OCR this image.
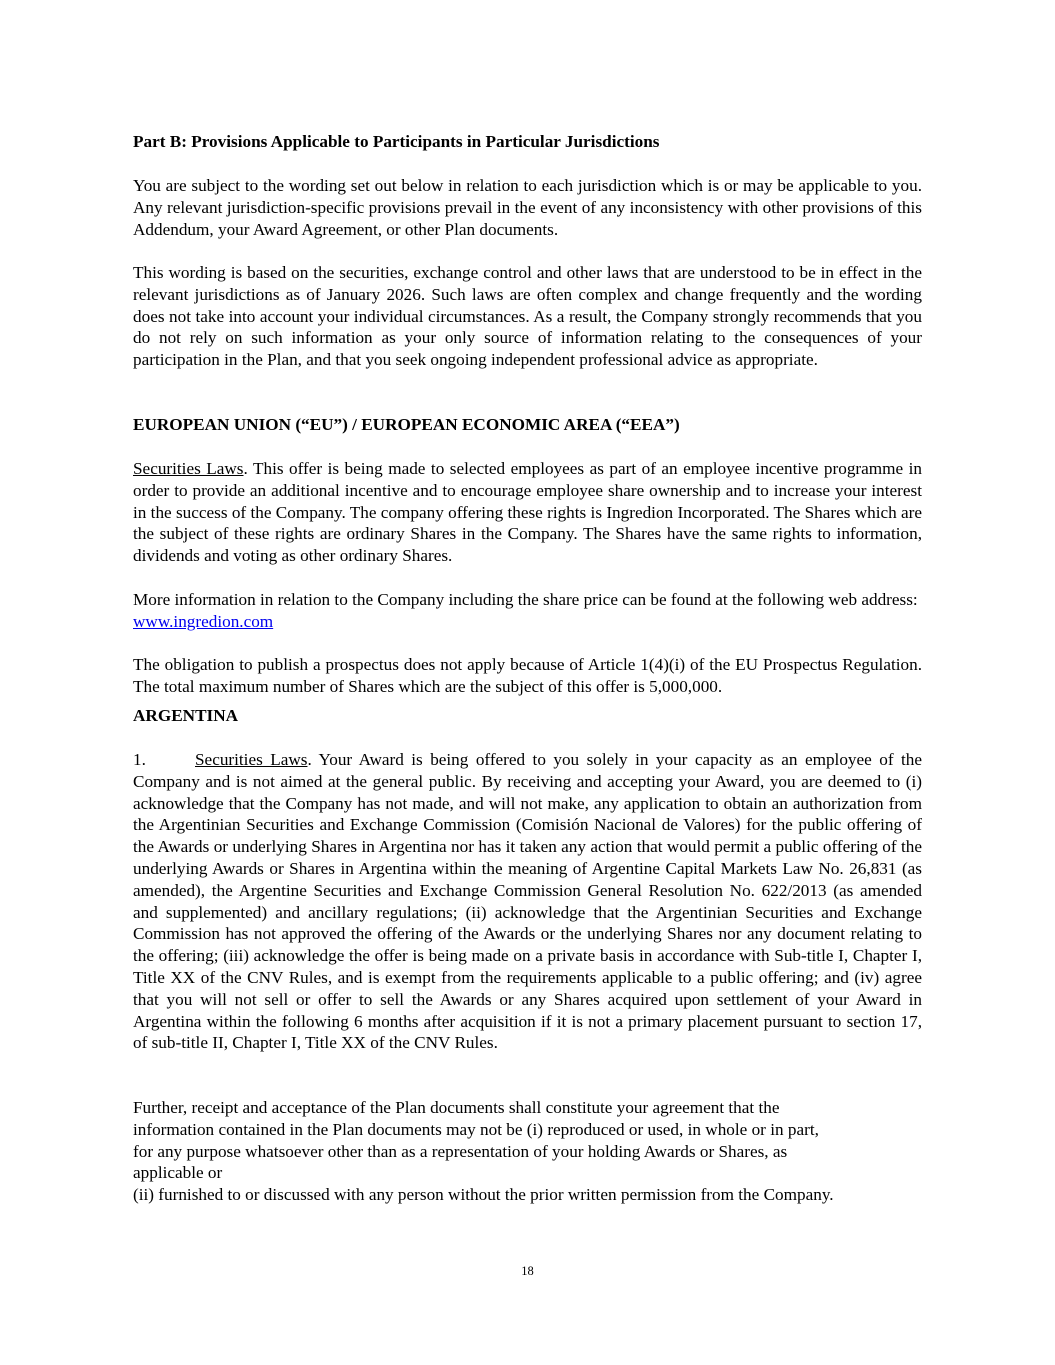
Part B: Provisions Applicable to Participants in Particular Jurisdictions

You are subject to the wording set out below in relation to each jurisdiction which is or may be applicable to you. Any relevant jurisdiction-specific provisions prevail in the event of any inconsistency with other provisions of this Addendum, your Award Agreement, or other Plan documents.

This wording is based on the securities, exchange control and other laws that are understood to be in effect in the relevant jurisdictions as of January 2026. Such laws are often complex and change frequently and the wording does not take into account your individual circumstances. As a result, the Company strongly recommends that you do not rely on such information as your only source of information relating to the consequences of your participation in the Plan, and that you seek ongoing independent professional advice as appropriate.

EUROPEAN UNION (“EU”) / EUROPEAN ECONOMIC AREA (“EEA”)

Securities Laws. This offer is being made to selected employees as part of an employee incentive programme in order to provide an additional incentive and to encourage employee share ownership and to increase your interest in the success of the Company. The company offering these rights is Ingredion Incorporated. The Shares which are the subject of these rights are ordinary Shares in the Company. The Shares have the same rights to information, dividends and voting as other ordinary Shares.

More information in relation to the Company including the share price can be found at the following web address: www.ingredion.com

The obligation to publish a prospectus does not apply because of Article 1(4)(i) of the EU Prospectus Regulation. The total maximum number of Shares which are the subject of this offer is 5,000,000.

ARGENTINA

1.	Securities Laws. Your Award is being offered to you solely in your capacity as an employee of the Company and is not aimed at the general public. By receiving and accepting your Award, you are deemed to (i) acknowledge that the Company has not made, and will not make, any application to obtain an authorization from the Argentinian Securities and Exchange Commission (Comisión Nacional de Valores) for the public offering of the Awards or underlying Shares in Argentina nor has it taken any action that would permit a public offering of the underlying Awards or Shares in Argentina within the meaning of Argentine Capital Markets Law No. 26,831 (as amended), the Argentine Securities and Exchange Commission General Resolution No. 622/2013 (as amended and supplemented) and ancillary regulations; (ii) acknowledge that the Argentinian Securities and Exchange Commission has not approved the offering of the Awards or the underlying Shares nor any document relating to the offering; (iii) acknowledge the offer is being made on a private basis in accordance with Sub-title I, Chapter I, Title XX of the CNV Rules, and is exempt from the requirements applicable to a public offering; and (iv) agree that you will not sell or offer to sell the Awards or any Shares acquired upon settlement of your Award in Argentina within the following 6 months after acquisition if it is not a primary placement pursuant to section 17, of sub-title II, Chapter I, Title XX of the CNV Rules.

Further, receipt and acceptance of the Plan documents shall constitute your agreement that the
information contained in the Plan documents may not be (i) reproduced or used, in whole or in part,
for any purpose whatsoever other than as a representation of your holding Awards or Shares, as
applicable or
(ii) furnished to or discussed with any person without the prior written permission from the Company.

18
